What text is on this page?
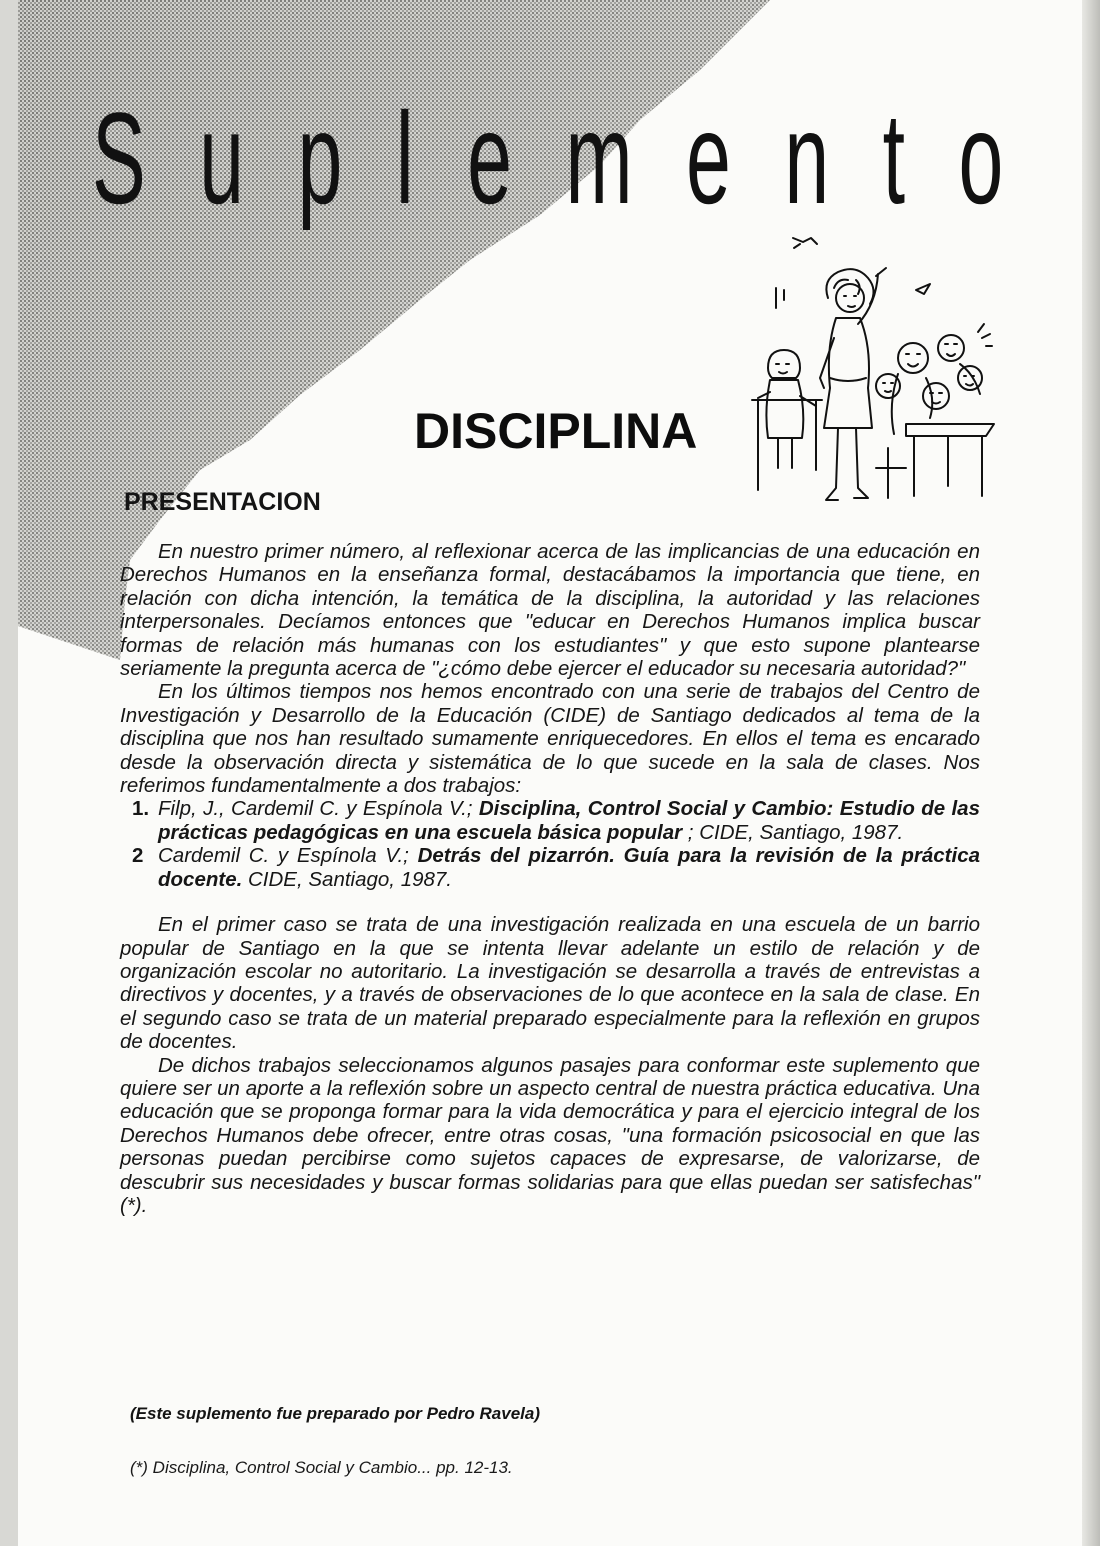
S u p l e m e n t o
DISCIPLINA
PRESENTACION

En nuestro primer número, al reflexionar acerca de las implicancias de una educación en Derechos Humanos en la enseñanza formal, destacábamos la importancia que tiene, en relación con dicha intención, la temática de la disciplina, la autoridad y las relaciones interpersonales. Decíamos entonces que "educar en Derechos Humanos implica buscar formas de relación más humanas con los estudiantes" y que esto supone plantearse seriamente la pregunta acerca de "¿cómo debe ejercer el educador su necesaria autoridad?"

En los últimos tiempos nos hemos encontrado con una serie de trabajos del Centro de Investigación y Desarrollo de la Educación (CIDE) de Santiago dedicados al tema de la disciplina que nos han resultado sumamente enriquecedores. En ellos el tema es encarado desde la observación directa y sistemática de lo que sucede en la sala de clases. Nos referimos fundamentalmente a dos trabajos:

1. Filp, J., Cardemil C. y Espínola V.; Disciplina, Control Social y Cambio: Estudio de las prácticas pedagógicas en una escuela básica popular ; CIDE, Santiago, 1987.
2 Cardemil C. y Espínola V.; Detrás del pizarrón. Guía para la revisión de la práctica docente. CIDE, Santiago, 1987.

En el primer caso se trata de una investigación realizada en una escuela de un barrio popular de Santiago en la que se intenta llevar adelante un estilo de relación y de organización escolar no autoritario. La investigación se desarrolla a través de entrevistas a directivos y docentes, y a través de observaciones de lo que acontece en la sala de clase. En el segundo caso se trata de un material preparado especialmente para la reflexión en grupos de docentes.

De dichos trabajos seleccionamos algunos pasajes para conformar este suplemento que quiere ser un aporte a la reflexión sobre un aspecto central de nuestra práctica educativa. Una educación que se proponga formar para la vida democrática y para el ejercicio integral de los Derechos Humanos debe ofrecer, entre otras cosas, "una formación psicosocial en que las personas puedan percibirse como sujetos capaces de expresarse, de valorizarse, de descubrir sus necesidades y buscar formas solidarias para que ellas puedan ser satisfechas" (*).

(Este suplemento fue preparado por Pedro Ravela)

(*) Disciplina, Control Social y Cambio... pp. 12-13.
